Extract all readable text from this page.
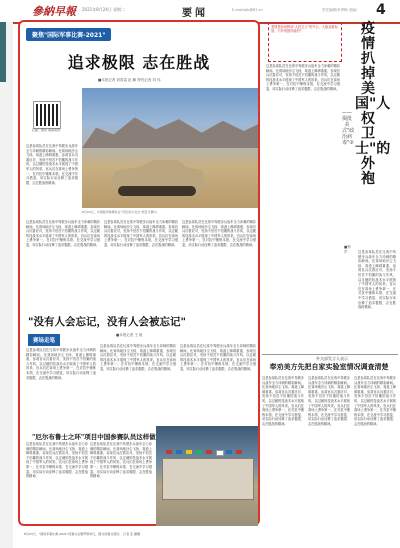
參納早報 2021年8月24日 星期二	要闻	E-mail:bjb@81.cn	责任编辑/李秀梅 美编/ 4
聚焦"国际军事比赛-2021"
追求极限 志在胜战
■本报记者 刘春雷 赵 鹏 特约记者 刘 伟
扫描二维码 观看视频
8月22日，中国陆军参赛队在"苏沃洛夫突击"项目比赛中。
这是参赛队员在比赛中驾驶步兵战车全力冲刺的精彩瞬间。比赛场地沙尘飞扬，赛道上障碍重重，参赛官兵沉着应对，发扬不怕苦不怕累的战斗作风，以过硬的技战术水平展现了中国军人的风采。官兵们在赛场上勇争第一，在对抗中锤炼本领，在交流中学习借鉴，用实际行动诠释了追求极限、志在胜战的精神。
这是参赛队员在比赛中驾驶步兵战车全力冲刺的精彩瞬间。比赛场地沙尘飞扬，赛道上障碍重重，参赛官兵沉着应对，发扬不怕苦不怕累的战斗作风，以过硬的技战术水平展现了中国军人的风采。官兵们在赛场上勇争第一，在对抗中锤炼本领，在交流中学习借鉴，用实际行动诠释了追求极限、志在胜战的精神。
这是参赛队员在比赛中驾驶步兵战车全力冲刺的精彩瞬间。比赛场地沙尘飞扬，赛道上障碍重重，参赛官兵沉着应对，发扬不怕苦不怕累的战斗作风，以过硬的技战术水平展现了中国军人的风采。官兵们在赛场上勇争第一，在对抗中锤炼本领，在交流中学习借鉴，用实际行动诠释了追求极限、志在胜战的精神。
这是参赛队员在比赛中驾驶步兵战车全力冲刺的精彩瞬间。比赛场地沙尘飞扬，赛道上障碍重重，参赛官兵沉着应对，发扬不怕苦不怕累的战斗作风，以过硬的技战术水平展现了中国军人的风采。官兵们在赛场上勇争第一，在对抗中锤炼本领，在交流中学习借鉴，用实际行动诠释了追求极限、志在胜战的精神。
"没有人会忘记，没有人会被忘记"
■本报记者 王 凯
赛场走笔
这是参赛队员在比赛中驾驶步兵战车全力冲刺的精彩瞬间。比赛场地沙尘飞扬，赛道上障碍重重，参赛官兵沉着应对，发扬不怕苦不怕累的战斗作风，以过硬的技战术水平展现了中国军人的风采。官兵们在赛场上勇争第一，在对抗中锤炼本领，在交流中学习借鉴，用实际行动诠释了追求极限、志在胜战的精神。
这是参赛队员在比赛中驾驶步兵战车全力冲刺的精彩瞬间。比赛场地沙尘飞扬，赛道上障碍重重，参赛官兵沉着应对，发扬不怕苦不怕累的战斗作风，以过硬的技战术水平展现了中国军人的风采。官兵们在赛场上勇争第一，在对抗中锤炼本领，在交流中学习借鉴，用实际行动诠释了追求极限、志在胜战的精神。
这是参赛队员在比赛中驾驶步兵战车全力冲刺的精彩瞬间。比赛场地沙尘飞扬，赛道上障碍重重，参赛官兵沉着应对，发扬不怕苦不怕累的战斗作风，以过硬的技战术水平展现了中国军人的风采。官兵们在赛场上勇争第一，在对抗中锤炼本领，在交流中学习借鉴，用实际行动诠释了追求极限、志在胜战的精神。
"厄尔布鲁士之环"项目中国参赛队员这样做
这是参赛队员在比赛中驾驶步兵战车全力冲刺的精彩瞬间。比赛场地沙尘飞扬，赛道上障碍重重，参赛官兵沉着应对，发扬不怕苦不怕累的战斗作风，以过硬的技战术水平展现了中国军人的风采。官兵们在赛场上勇争第一，在对抗中锤炼本领，在交流中学习借鉴，用实际行动诠释了追求极限、志在胜战的精神。
这是参赛队员在比赛中驾驶步兵战车全力冲刺的精彩瞬间。比赛场地沙尘飞扬，赛道上障碍重重，参赛官兵沉着应对，发扬不怕苦不怕累的战斗作风，以过硬的技战术水平展现了中国军人的风采。官兵们在赛场上勇争第一，在对抗中锤炼本领，在交流中学习借鉴，用实际行动诠释了追求极限、志在胜战的精神。
8月23日，"国际军事比赛-2021"闭幕式在俄罗斯举行，图为闭幕式现场。 记者 张 鹏摄
美国是如何利用"人权卫士"的外衣，大搞双重标准，干涉别国内政的？
这是参赛队员在比赛中驾驶步兵战车全力冲刺的精彩瞬间。比赛场地沙尘飞扬，赛道上障碍重重，参赛官兵沉着应对，发扬不怕苦不怕累的战斗作风，以过硬的技战术水平展现了中国军人的风采。官兵们在赛场上勇争第一，在对抗中锤炼本领，在交流中学习借鉴，用实际行动诠释了追求极限、志在胜战的精神。
疫情扒掉美国"人权卫士"的外袍
——揭批美式"政治病毒"③
■钟 声	这是参赛队员在比赛中驾驶步兵战车全力冲刺的精彩瞬间。比赛场地沙尘飞扬，赛道上障碍重重，参赛官兵沉着应对，发扬不怕苦不怕累的战斗作风，以过硬的技战术水平展现了中国军人的风采。官兵们在赛场上勇争第一，在对抗中锤炼本领，在交流中学习借鉴，用实际行动诠释了追求极限、志在胜战的精神。
外交部发言人表示
奉劝美方先把自家实验室情况调查清楚
这是参赛队员在比赛中驾驶步兵战车全力冲刺的精彩瞬间。比赛场地沙尘飞扬，赛道上障碍重重，参赛官兵沉着应对，发扬不怕苦不怕累的战斗作风，以过硬的技战术水平展现了中国军人的风采。官兵们在赛场上勇争第一，在对抗中锤炼本领，在交流中学习借鉴，用实际行动诠释了追求极限、志在胜战的精神。
这是参赛队员在比赛中驾驶步兵战车全力冲刺的精彩瞬间。比赛场地沙尘飞扬，赛道上障碍重重，参赛官兵沉着应对，发扬不怕苦不怕累的战斗作风，以过硬的技战术水平展现了中国军人的风采。官兵们在赛场上勇争第一，在对抗中锤炼本领，在交流中学习借鉴，用实际行动诠释了追求极限、志在胜战的精神。
这是参赛队员在比赛中驾驶步兵战车全力冲刺的精彩瞬间。比赛场地沙尘飞扬，赛道上障碍重重，参赛官兵沉着应对，发扬不怕苦不怕累的战斗作风，以过硬的技战术水平展现了中国军人的风采。官兵们在赛场上勇争第一，在对抗中锤炼本领，在交流中学习借鉴，用实际行动诠释了追求极限、志在胜战的精神。
